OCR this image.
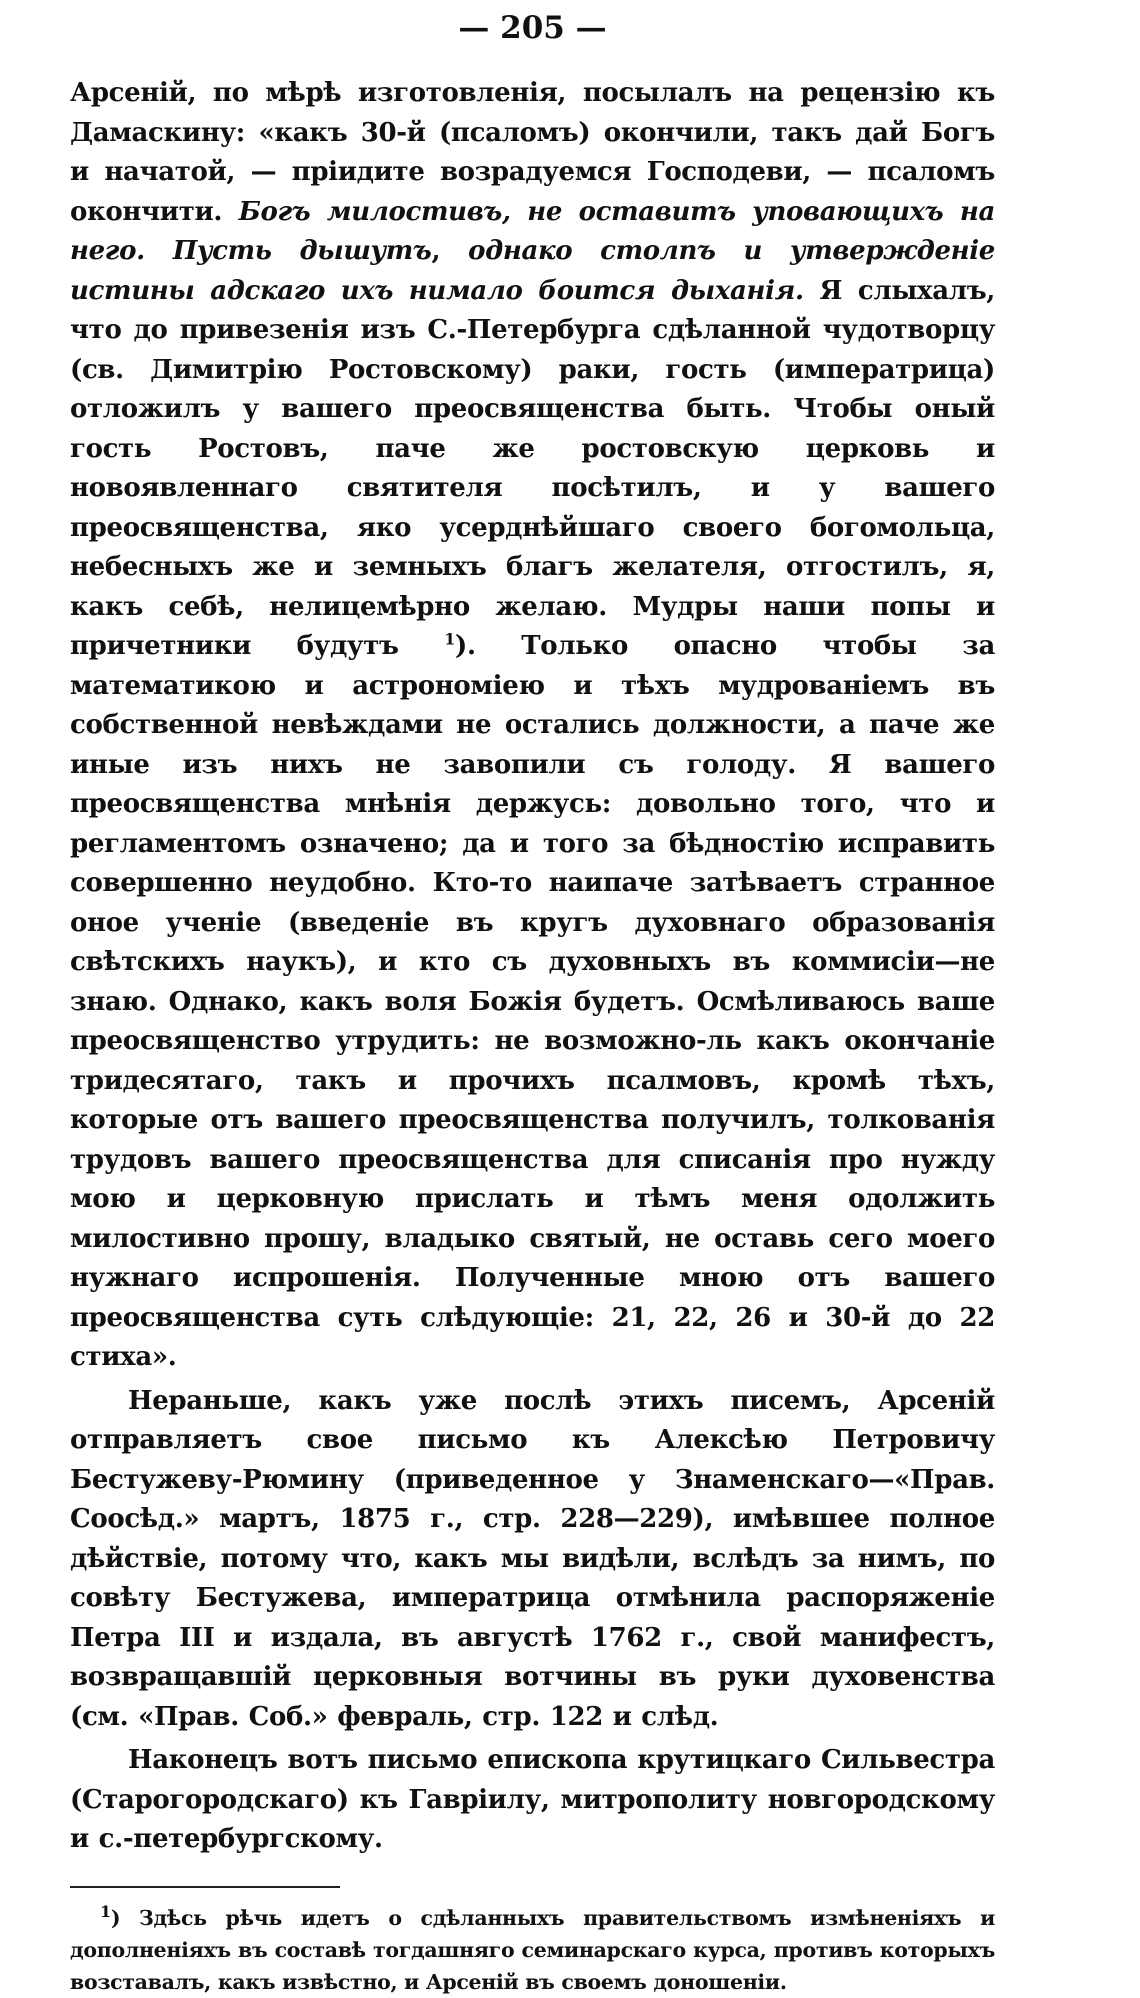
— 205 —

Арсеній, по мѣрѣ изготовленія, посылалъ на рецензію къ Дамаскину: «какъ 30-й (псаломъ) окончили, такъ дай Богъ и начатой, — пріидите возрадуемся Господеви, — псаломъ окончити. Богъ милостивъ, не оставитъ уповающихъ на него. Пусть дышутъ, однако столпъ и утвержденіе истины адскаго ихъ нимало боится дыханія. Я слыхалъ, что до привезенія изъ С.-Петербурга сдѣланной чудотворцу (св. Димитрію Ростовскому) раки, гость (императрица) отложилъ у вашего преосвященства быть. Чтобы оный гость Ростовъ, паче же ростовскую церковь и новоявленнаго святителя посѣтилъ, и у вашего преосвященства, яко усерднѣйшаго своего богомольца, небесныхъ же и земныхъ благъ желателя, отгостилъ, я, какъ себѣ, нелицемѣрно желаю. Мудры наши попы и причетники будутъ $^1$). Только опасно чтобы за математикою и астрономіею и тѣхъ мудрованіемъ въ собственной невѣждами не остались должности, а паче же иные изъ нихъ не завопили съ голоду. Я вашего преосвященства мнѣнія держусь: довольно того, что и регламентомъ означено; да и того за бѣдностію исправить совершенно неудобно. Кто-то наипаче затѣваетъ странное оное ученіе (введеніе въ кругъ духовнаго образованія свѣтскихъ наукъ), и кто съ духовныхъ въ коммисіи—не знаю. Однако, какъ воля Божія будетъ. Осмѣливаюсь ваше преосвященство утрудить: не возможно-ль какъ окончаніе тридесятаго, такъ и прочихъ псалмовъ, кромѣ тѣхъ, которые отъ вашего преосвященства получилъ, толкованія трудовъ вашего преосвященства для списанія про нужду мою и церковную прислать и тѣмъ меня одолжить милостивно прошу, владыко святый, не оставь сего моего нужнаго испрошенія. Полученные мною отъ вашего преосвященства суть слѣдующіе: 21, 22, 26 и 30-й до 22 стиха».

Нераньше, какъ уже послѣ этихъ писемъ, Арсеній отправляетъ свое письмо къ Алексѣю Петровичу Бестужеву-Рюмину (приведенное у Знаменскаго—«Прав. Соосѣд.» мартъ, 1875 г., стр. 228—229), имѣвшее полное дѣйствіе, потому что, какъ мы видѣли, вслѣдъ за нимъ, по совѣту Бестужева, императрица отмѣнила распоряженіе Петра III и издала, въ августѣ 1762 г., свой манифестъ, возвращавшій церковныя вотчины въ руки духовенства (см. «Прав. Соб.» февраль, стр. 122 и слѣд.

Наконецъ вотъ письмо епископа крутицкаго Сильвестра (Старогородскаго) къ Гавріилу, митрополиту новгородскому и с.-петербургскому.

$^1$) Здѣсь рѣчь идетъ о сдѣланныхъ правительствомъ измѣненіяхъ и дополненіяхъ въ составѣ тогдашняго семинарскаго курса, противъ которыхъ возставалъ, какъ извѣстно, и Арсеній въ своемъ доношеніи.
